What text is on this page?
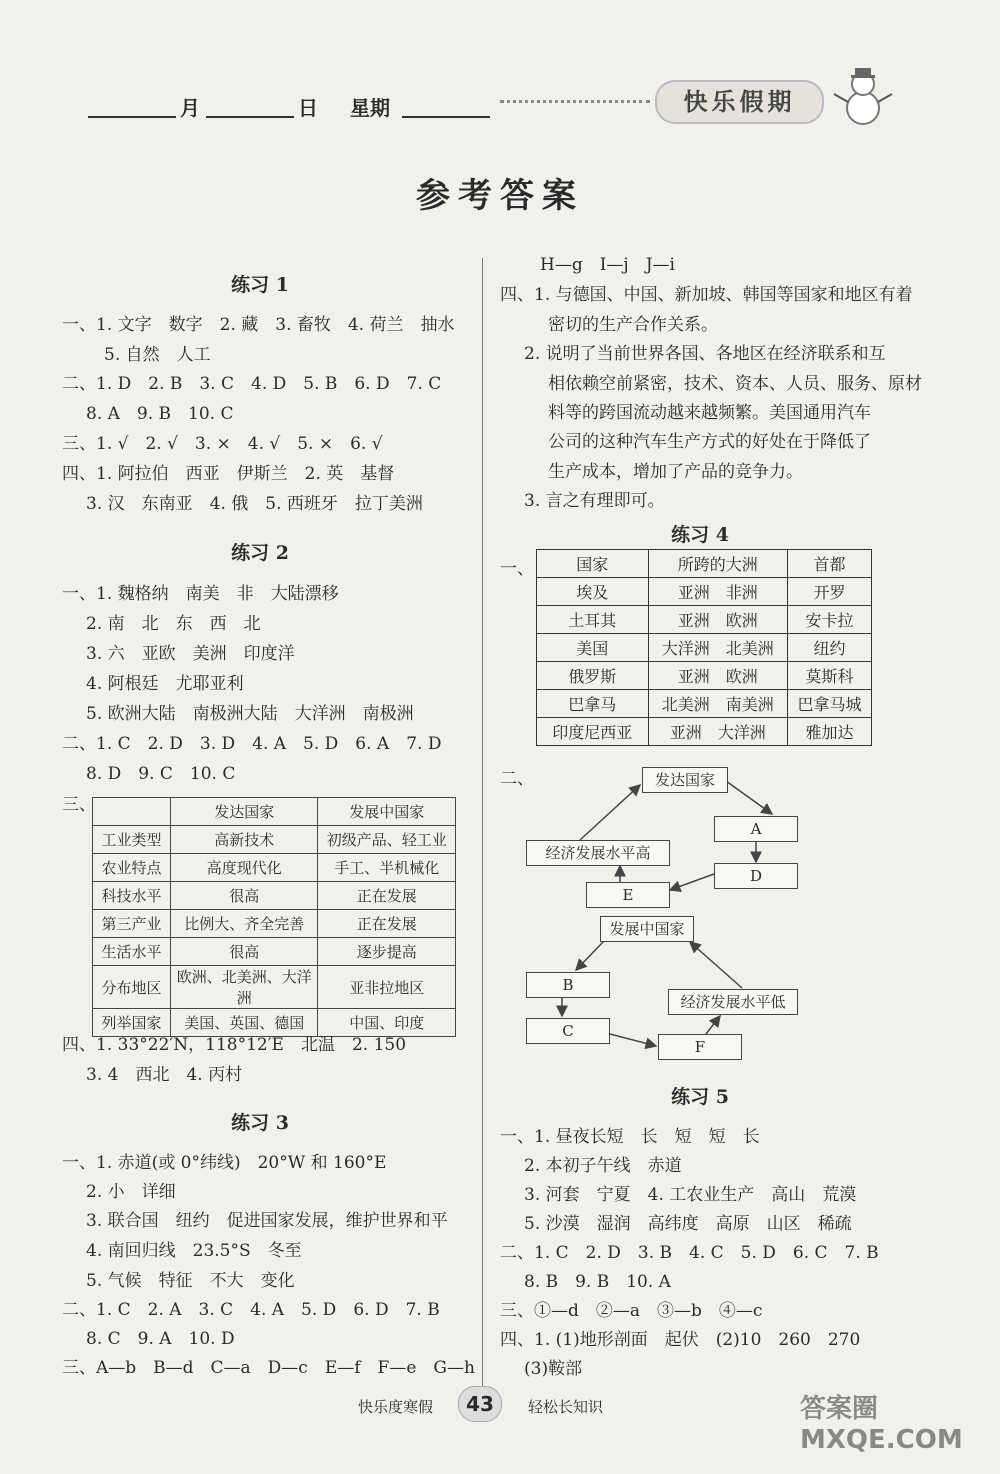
月	日 星期	快乐假期
参考答案
练习 1
一、1. 文字　数字　2. 藏　3. 畜牧　4. 荷兰　抽水
5. 自然　人工
二、1. D　2. B　3. C　4. D　5. B　6. D　7. C
8. A　9. B　10. C
三、1. √　2. √　3. ×　4. √　5. ×　6. √
四、1. 阿拉伯　西亚　伊斯兰　2. 英　基督
3. 汉　东南亚　4. 俄　5. 西班牙　拉丁美洲
练习 2
一、1. 魏格纳　南美　非　大陆漂移
2. 南　北　东　西　北
3. 六　亚欧　美洲　印度洋
4. 阿根廷　尤耶亚利
5. 欧洲大陆　南极洲大陆　大洋洲　南极洲
二、1. C　2. D　3. D　4. A　5. D　6. A　7. D
8. D　9. C　10. C
三、
		发达国家	发展中国家
工业类型	高新技术	初级产品、轻工业
农业特点	高度现代化	手工、半机械化
科技水平	很高	正在发展
第三产业	比例大、齐全完善	正在发展
生活水平	很高	逐步提高
分布地区	欧洲、北美洲、大洋洲	亚非拉地区
列举国家	美国、英国、德国	中国、印度
四、1. 33°22′N，118°12′E　北温　2. 150
3. 4　西北　4. 丙村
练习 3
一、1. 赤道(或 0°纬线)　20°W 和 160°E
2. 小　详细
3. 联合国　纽约　促进国家发展，维护世界和平
4. 南回归线　23.5°S　冬至
5. 气候　特征　不大　变化
二、1. C　2. A　3. C　4. A　5. D　6. D　7. B
8. C　9. A　10. D
三、A—b　B—d　C—a　D—c　E—f　F—e　G—h
H—g　I—j　J—i
四、1. 与德国、中国、新加坡、韩国等国家和地区有着
密切的生产合作关系。
2. 说明了当前世界各国、各地区在经济联系和互
相依赖空前紧密，技术、资本、人员、服务、原材
料等的跨国流动越来越频繁。美国通用汽车
公司的这种汽车生产方式的好处在于降低了
生产成本，增加了产品的竞争力。
3. 言之有理即可。
练习 4
一、	国家	所跨的大洲	首都
埃及	亚洲　非洲	开罗
土耳其	亚洲　欧洲	安卡拉
美国	大洋洲　北美洲	纽约
俄罗斯	亚洲　欧洲	莫斯科
巴拿马	北美洲　南美洲	巴拿马城
印度尼西亚	亚洲　大洋洲	雅加达
二、	发达国家
A
经济发展水平高
D
E
发展中国家
B
经济发展水平低
C
F
练习 5
一、1. 昼夜长短　长　短　短　长
2. 本初子午线　赤道
3. 河套　宁夏　4. 工农业生产　高山　荒漠
5. 沙漠　湿润　高纬度　高原　山区　稀疏
二、1. C　2. D　3. B　4. C　5. D　6. C　7. B
8. B　9. B　10. A
三、①—d　②—a　③—b　④—c
四、1. (1)地形剖面　起伏　(2)10　260　270
(3)鞍部
快乐度寒假	43	轻松长知识	答案圈 MXQE.COM
